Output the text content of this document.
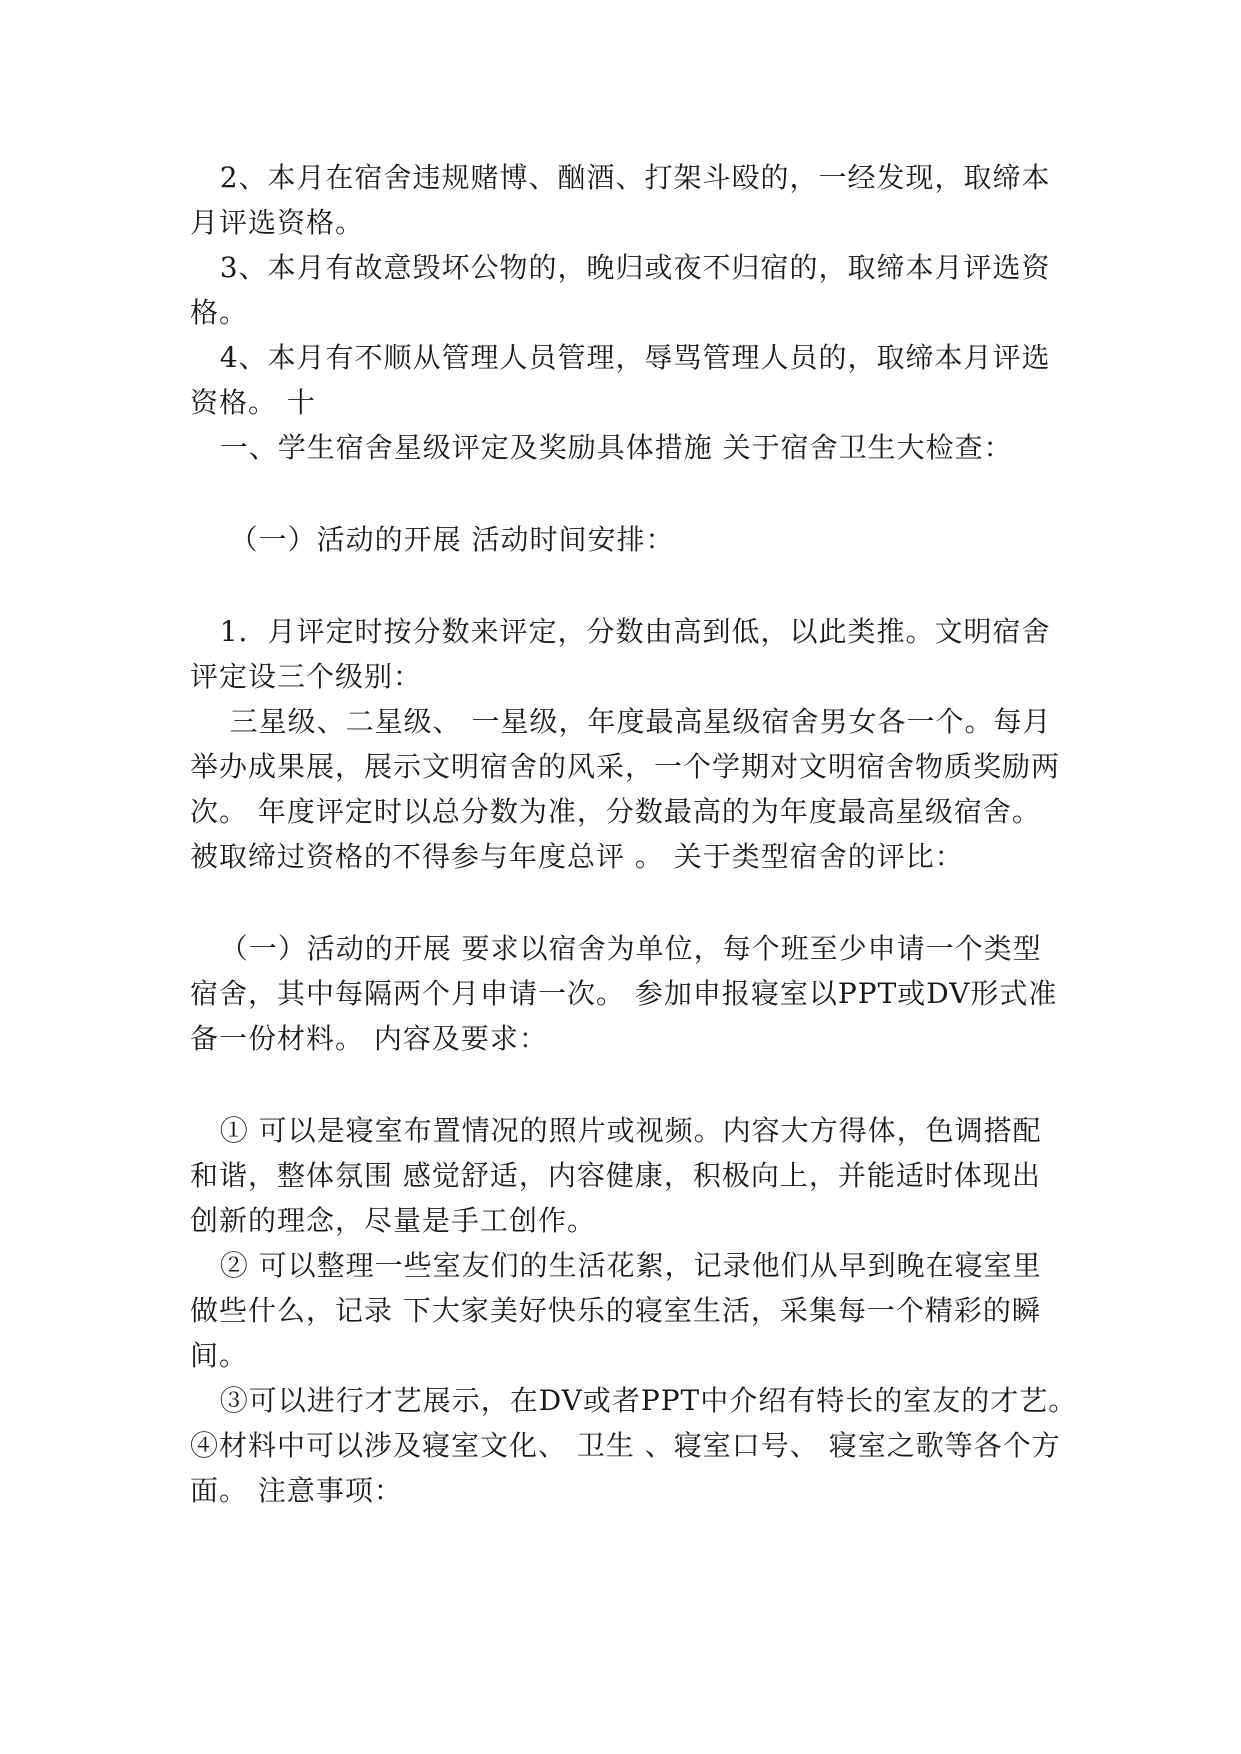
2、本月在宿舍违规赌博、酗酒、打架斗殴的，一经发现，取缔本
月评选资格。
3、本月有故意毁坏公物的，晚归或夜不归宿的，取缔本月评选资
格。
4、本月有不顺从管理人员管理，辱骂管理人员的，取缔本月评选
资格。 十
一、学生宿舍星级评定及奖励具体措施 关于宿舍卫生大检查：
（一）活动的开展 活动时间安排：
1．月评定时按分数来评定，分数由高到低，以此类推。文明宿舍
评定设三个级别：
三星级、二星级、 一星级，年度最高星级宿舍男女各一个。每月
举办成果展，展示文明宿舍的风采，一个学期对文明宿舍物质奖励两
次。 年度评定时以总分数为准，分数最高的为年度最高星级宿舍。
被取缔过资格的不得参与年度总评 。 关于类型宿舍的评比：
（一）活动的开展 要求以宿舍为单位，每个班至少申请一个类型
宿舍，其中每隔两个月申请一次。 参加申报寝室以PPT或DV形式准
备一份材料。 内容及要求：
① 可以是寝室布置情况的照片或视频。内容大方得体，色调搭配
和谐，整体氛围 感觉舒适，内容健康，积极向上，并能适时体现出
创新的理念，尽量是手工创作。
② 可以整理一些室友们的生活花絮，记录他们从早到晚在寝室里
做些什么，记录 下大家美好快乐的寝室生活，采集每一个精彩的瞬
间。
③可以进行才艺展示，在DV或者PPT中介绍有特长的室友的才艺。
④材料中可以涉及寝室文化、 卫生 、寝室口号、 寝室之歌等各个方
面。 注意事项：
